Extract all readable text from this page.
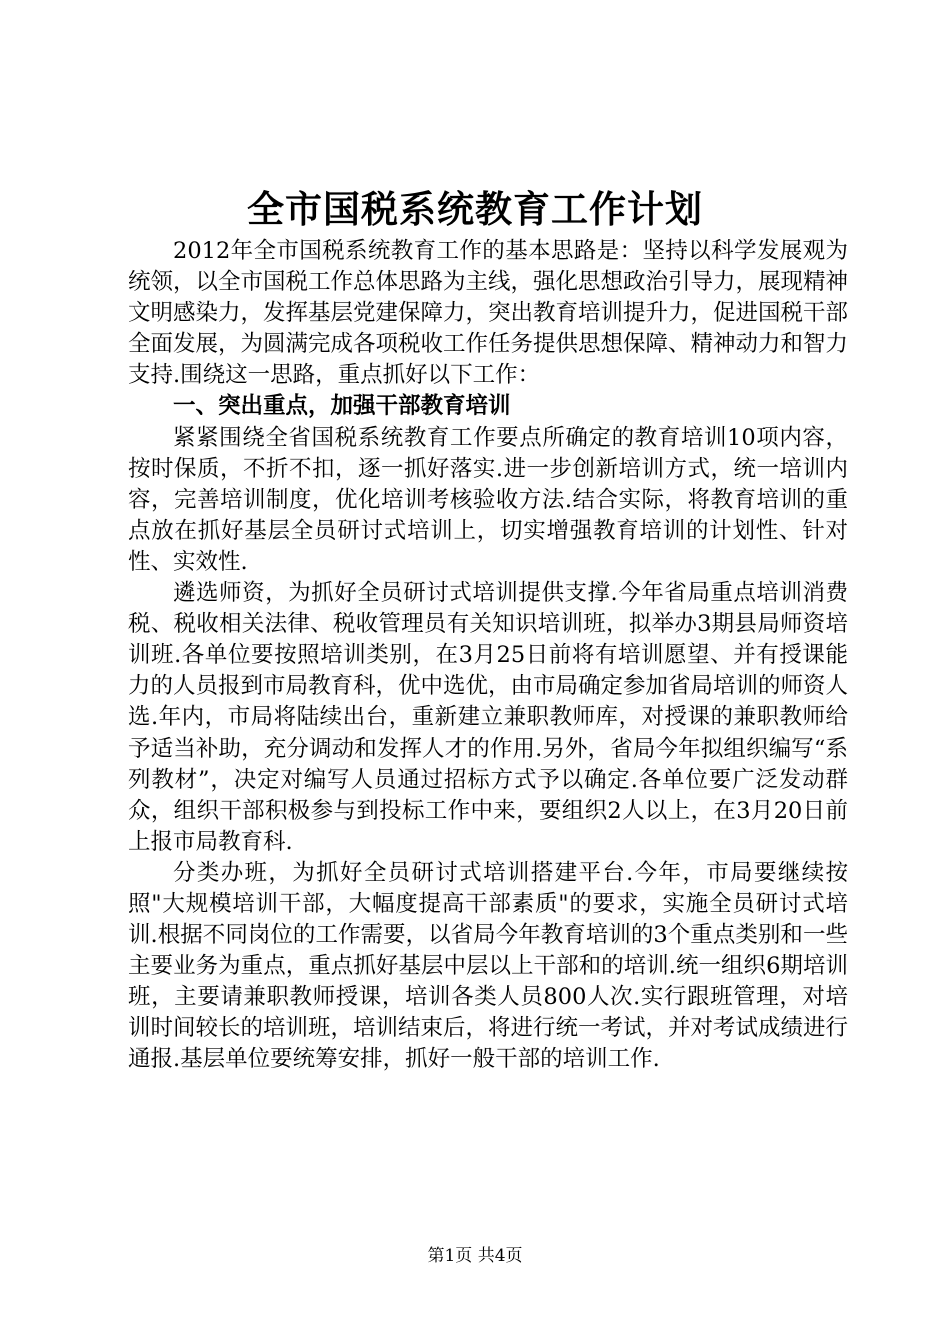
全市国税系统教育工作计划

2012年全市国税系统教育工作的基本思路是：坚持以科学发展观为统领，以全市国税工作总体思路为主线，强化思想政治引导力，展现精神文明感染力，发挥基层党建保障力，突出教育培训提升力，促进国税干部全面发展，为圆满完成各项税收工作任务提供思想保障、精神动力和智力支持.围绕这一思路，重点抓好以下工作：

一、突出重点，加强干部教育培训

紧紧围绕全省国税系统教育工作要点所确定的教育培训10项内容，按时保质，不折不扣，逐一抓好落实.进一步创新培训方式，统一培训内容，完善培训制度，优化培训考核验收方法.结合实际，将教育培训的重点放在抓好基层全员研讨式培训上，切实增强教育培训的计划性、针对性、实效性.

遴选师资，为抓好全员研讨式培训提供支撑.今年省局重点培训消费税、税收相关法律、税收管理员有关知识培训班，拟举办3期县局师资培训班.各单位要按照培训类别，在3月25日前将有培训愿望、并有授课能力的人员报到市局教育科，优中选优，由市局确定参加省局培训的师资人选.年内，市局将陆续出台，重新建立兼职教师库，对授课的兼职教师给予适当补助，充分调动和发挥人才的作用.另外，省局今年拟组织编写“系列教材”，决定对编写人员通过招标方式予以确定.各单位要广泛发动群众，组织干部积极参与到投标工作中来，要组织2人以上，在3月20日前上报市局教育科.

分类办班，为抓好全员研讨式培训搭建平台.今年，市局要继续按照"大规模培训干部，大幅度提高干部素质"的要求，实施全员研讨式培训.根据不同岗位的工作需要，以省局今年教育培训的3个重点类别和一些主要业务为重点，重点抓好基层中层以上干部和的培训.统一组织6期培训班，主要请兼职教师授课，培训各类人员800人次.实行跟班管理，对培训时间较长的培训班，培训结束后，将进行统一考试，并对考试成绩进行通报.基层单位要统筹安排，抓好一般干部的培训工作.

第1页 共4页
